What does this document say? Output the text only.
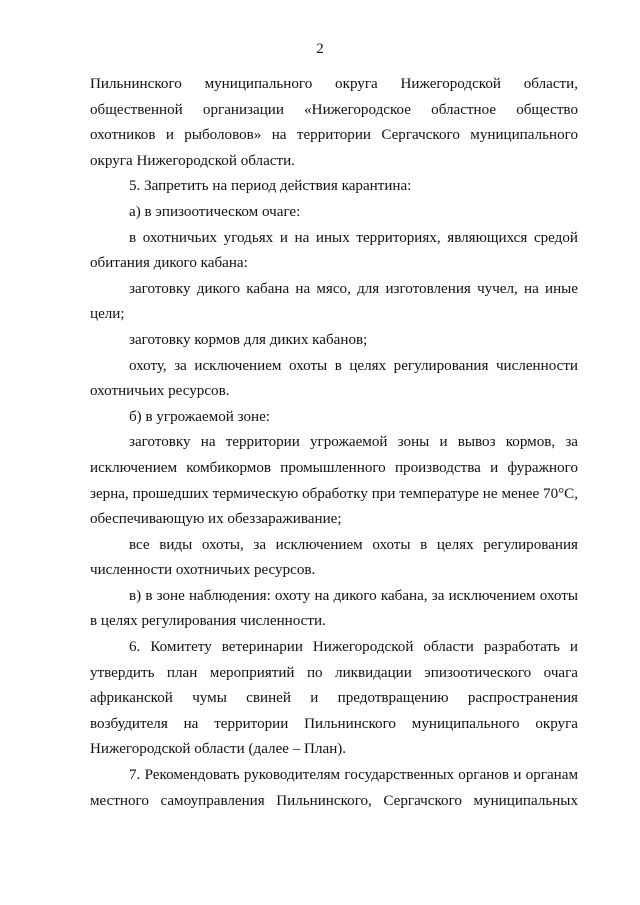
2

Пильнинского муниципального округа Нижегородской области, общественной организации «Нижегородское областное общество охотников и рыболовов» на территории Сергачского муниципального округа Нижегородской области.

5. Запретить на период действия карантина:

а) в эпизоотическом очаге:

в охотничьих угодьях и на иных территориях, являющихся средой обитания дикого кабана:

заготовку дикого кабана на мясо, для изготовления чучел, на иные цели;

заготовку кормов для диких кабанов;

охоту, за исключением охоты в целях регулирования численности охотничьих ресурсов.

б) в угрожаемой зоне:

заготовку на территории угрожаемой зоны и вывоз кормов, за исключением комбикормов промышленного производства и фуражного зерна, прошедших термическую обработку при температуре не менее 70°С, обеспечивающую их обеззараживание;

все виды охоты, за исключением охоты в целях регулирования численности охотничьих ресурсов.

в) в зоне наблюдения: охоту на дикого кабана, за исключением охоты в целях регулирования численности.

6. Комитету ветеринарии Нижегородской области разработать и утвердить план мероприятий по ликвидации эпизоотического очага африканской чумы свиней и предотвращению распространения возбудителя на территории Пильнинского муниципального округа Нижегородской области (далее – План).

7. Рекомендовать руководителям государственных органов и органам местного самоуправления Пильнинского, Сергачского муниципальных
